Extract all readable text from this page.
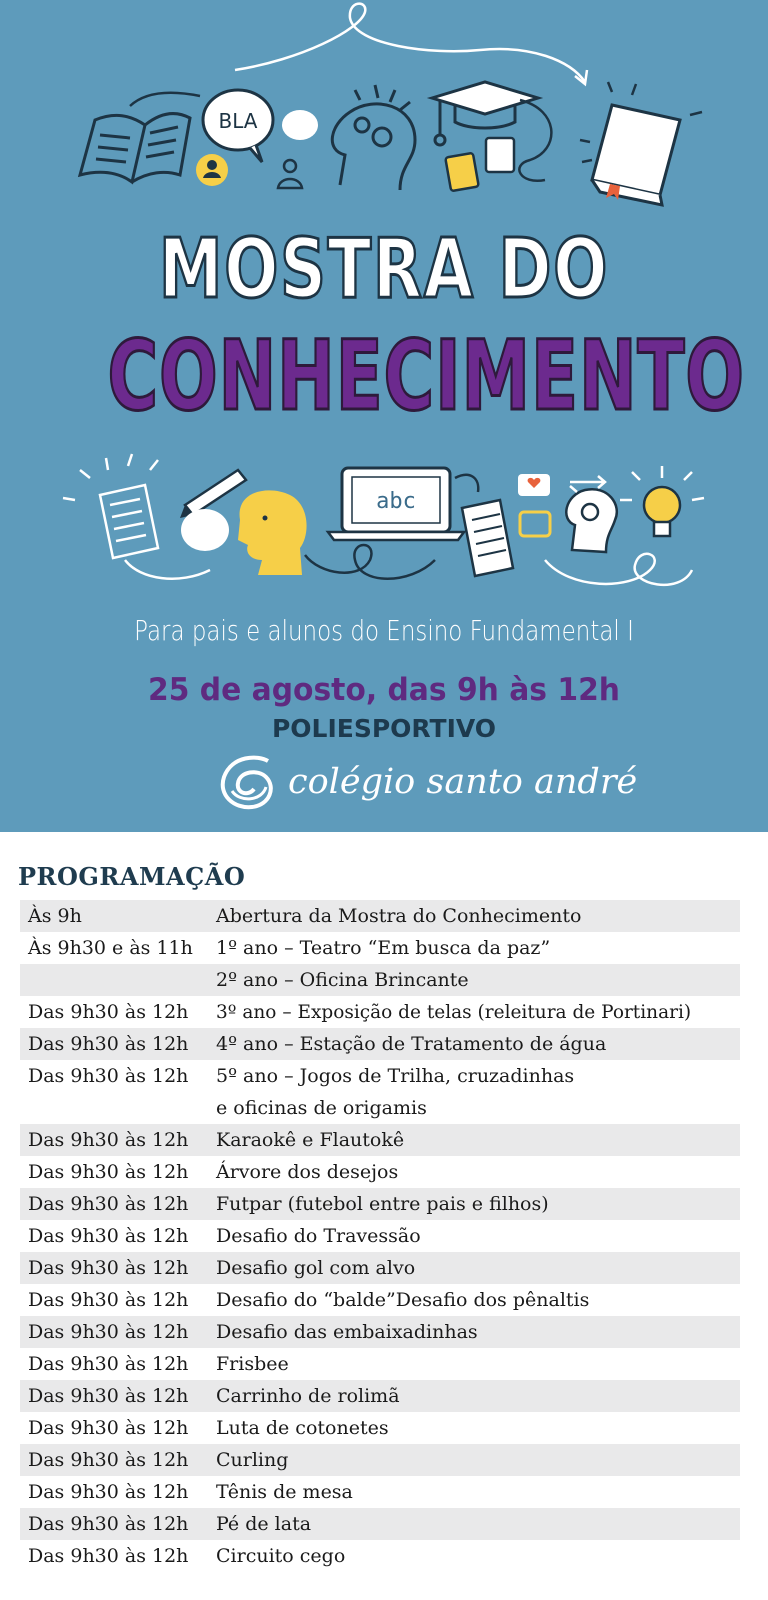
BLA
abc
MOSTRA DO
CONHECIMENTO
Para pais e alunos do Ensino Fundamental I
25 de agosto, das 9h às 12h
POLIESPORTIVO
colégio santo andré
PROGRAMAÇÃO
Às 9h	Abertura da Mostra do Conhecimento
Às 9h30 e às 11h	1º ano – Teatro “Em busca da paz”
2º ano – Oficina Brincante
Das 9h30 às 12h	3º ano – Exposição de telas (releitura de Portinari)
Das 9h30 às 12h	4º ano – Estação de Tratamento de água
Das 9h30 às 12h	5º ano – Jogos de Trilha, cruzadinhas
e oficinas de origamis
Das 9h30 às 12h	Karaokê e Flautokê
Das 9h30 às 12h	Árvore dos desejos
Das 9h30 às 12h	Futpar (futebol entre pais e filhos)
Das 9h30 às 12h	Desafio do Travessão
Das 9h30 às 12h	Desafio gol com alvo
Das 9h30 às 12h	Desafio do “balde”Desafio dos pênaltis
Das 9h30 às 12h	Desafio das embaixadinhas
Das 9h30 às 12h	Frisbee
Das 9h30 às 12h	Carrinho de rolimã
Das 9h30 às 12h	Luta de cotonetes
Das 9h30 às 12h	Curling
Das 9h30 às 12h	Tênis de mesa
Das 9h30 às 12h	Pé de lata
Das 9h30 às 12h	Circuito cego
